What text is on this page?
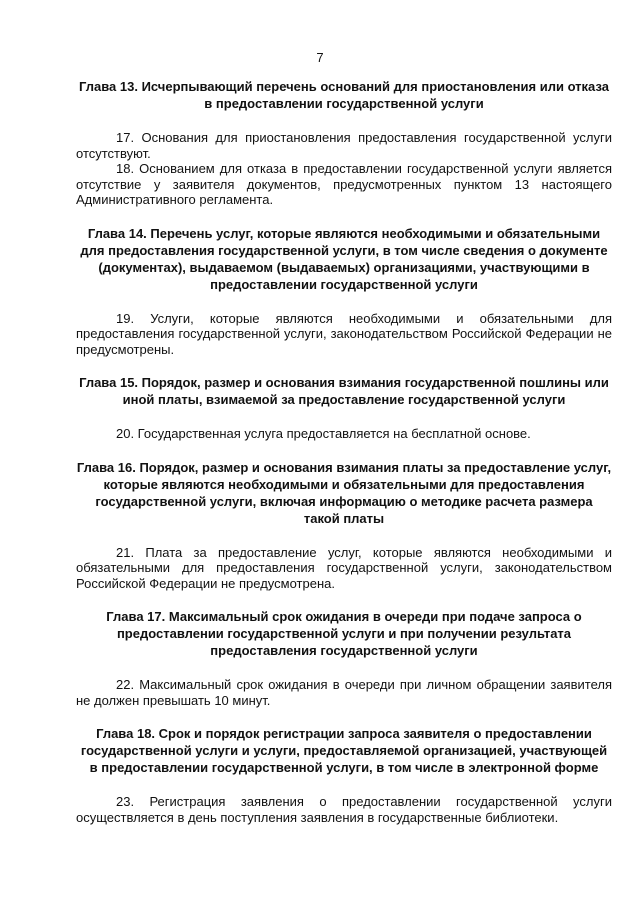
7

Глава 13. Исчерпывающий перечень оснований для приостановления или отказа в предоставлении государственной услуги

17. Основания для приостановления предоставления государственной услуги отсутствуют.

18. Основанием для отказа в предоставлении государственной услуги является отсутствие у заявителя документов, предусмотренных пунктом 13 настоящего Административного регламента.

Глава 14. Перечень услуг, которые являются необходимыми и обязательными для предоставления государственной услуги, в том числе сведения о документе (документах), выдаваемом (выдаваемых) организациями, участвующими в предоставлении государственной услуги

19. Услуги, которые являются необходимыми и обязательными для предоставления государственной услуги, законодательством Российской Федерации не предусмотрены.

Глава 15. Порядок, размер и основания взимания государственной пошлины или иной платы, взимаемой за предоставление государственной услуги

20. Государственная услуга предоставляется на бесплатной основе.

Глава 16. Порядок, размер и основания взимания платы за предоставление услуг, которые являются необходимыми и обязательными для предоставления государственной услуги, включая информацию о методике расчета размера такой платы

21. Плата за предоставление услуг, которые являются необходимыми и обязательными для предоставления государственной услуги, законодательством Российской Федерации не предусмотрена.

Глава 17. Максимальный срок ожидания в очереди при подаче запроса о предоставлении государственной услуги и при получении результата предоставления государственной услуги

22. Максимальный срок ожидания в очереди при личном обращении заявителя не должен превышать 10 минут.

Глава 18. Срок и порядок регистрации запроса заявителя о предоставлении государственной услуги и услуги, предоставляемой организацией, участвующей в предоставлении государственной услуги, в том числе в электронной форме

23. Регистрация заявления о предоставлении государственной услуги осуществляется в день поступления заявления в государственные библиотеки.
